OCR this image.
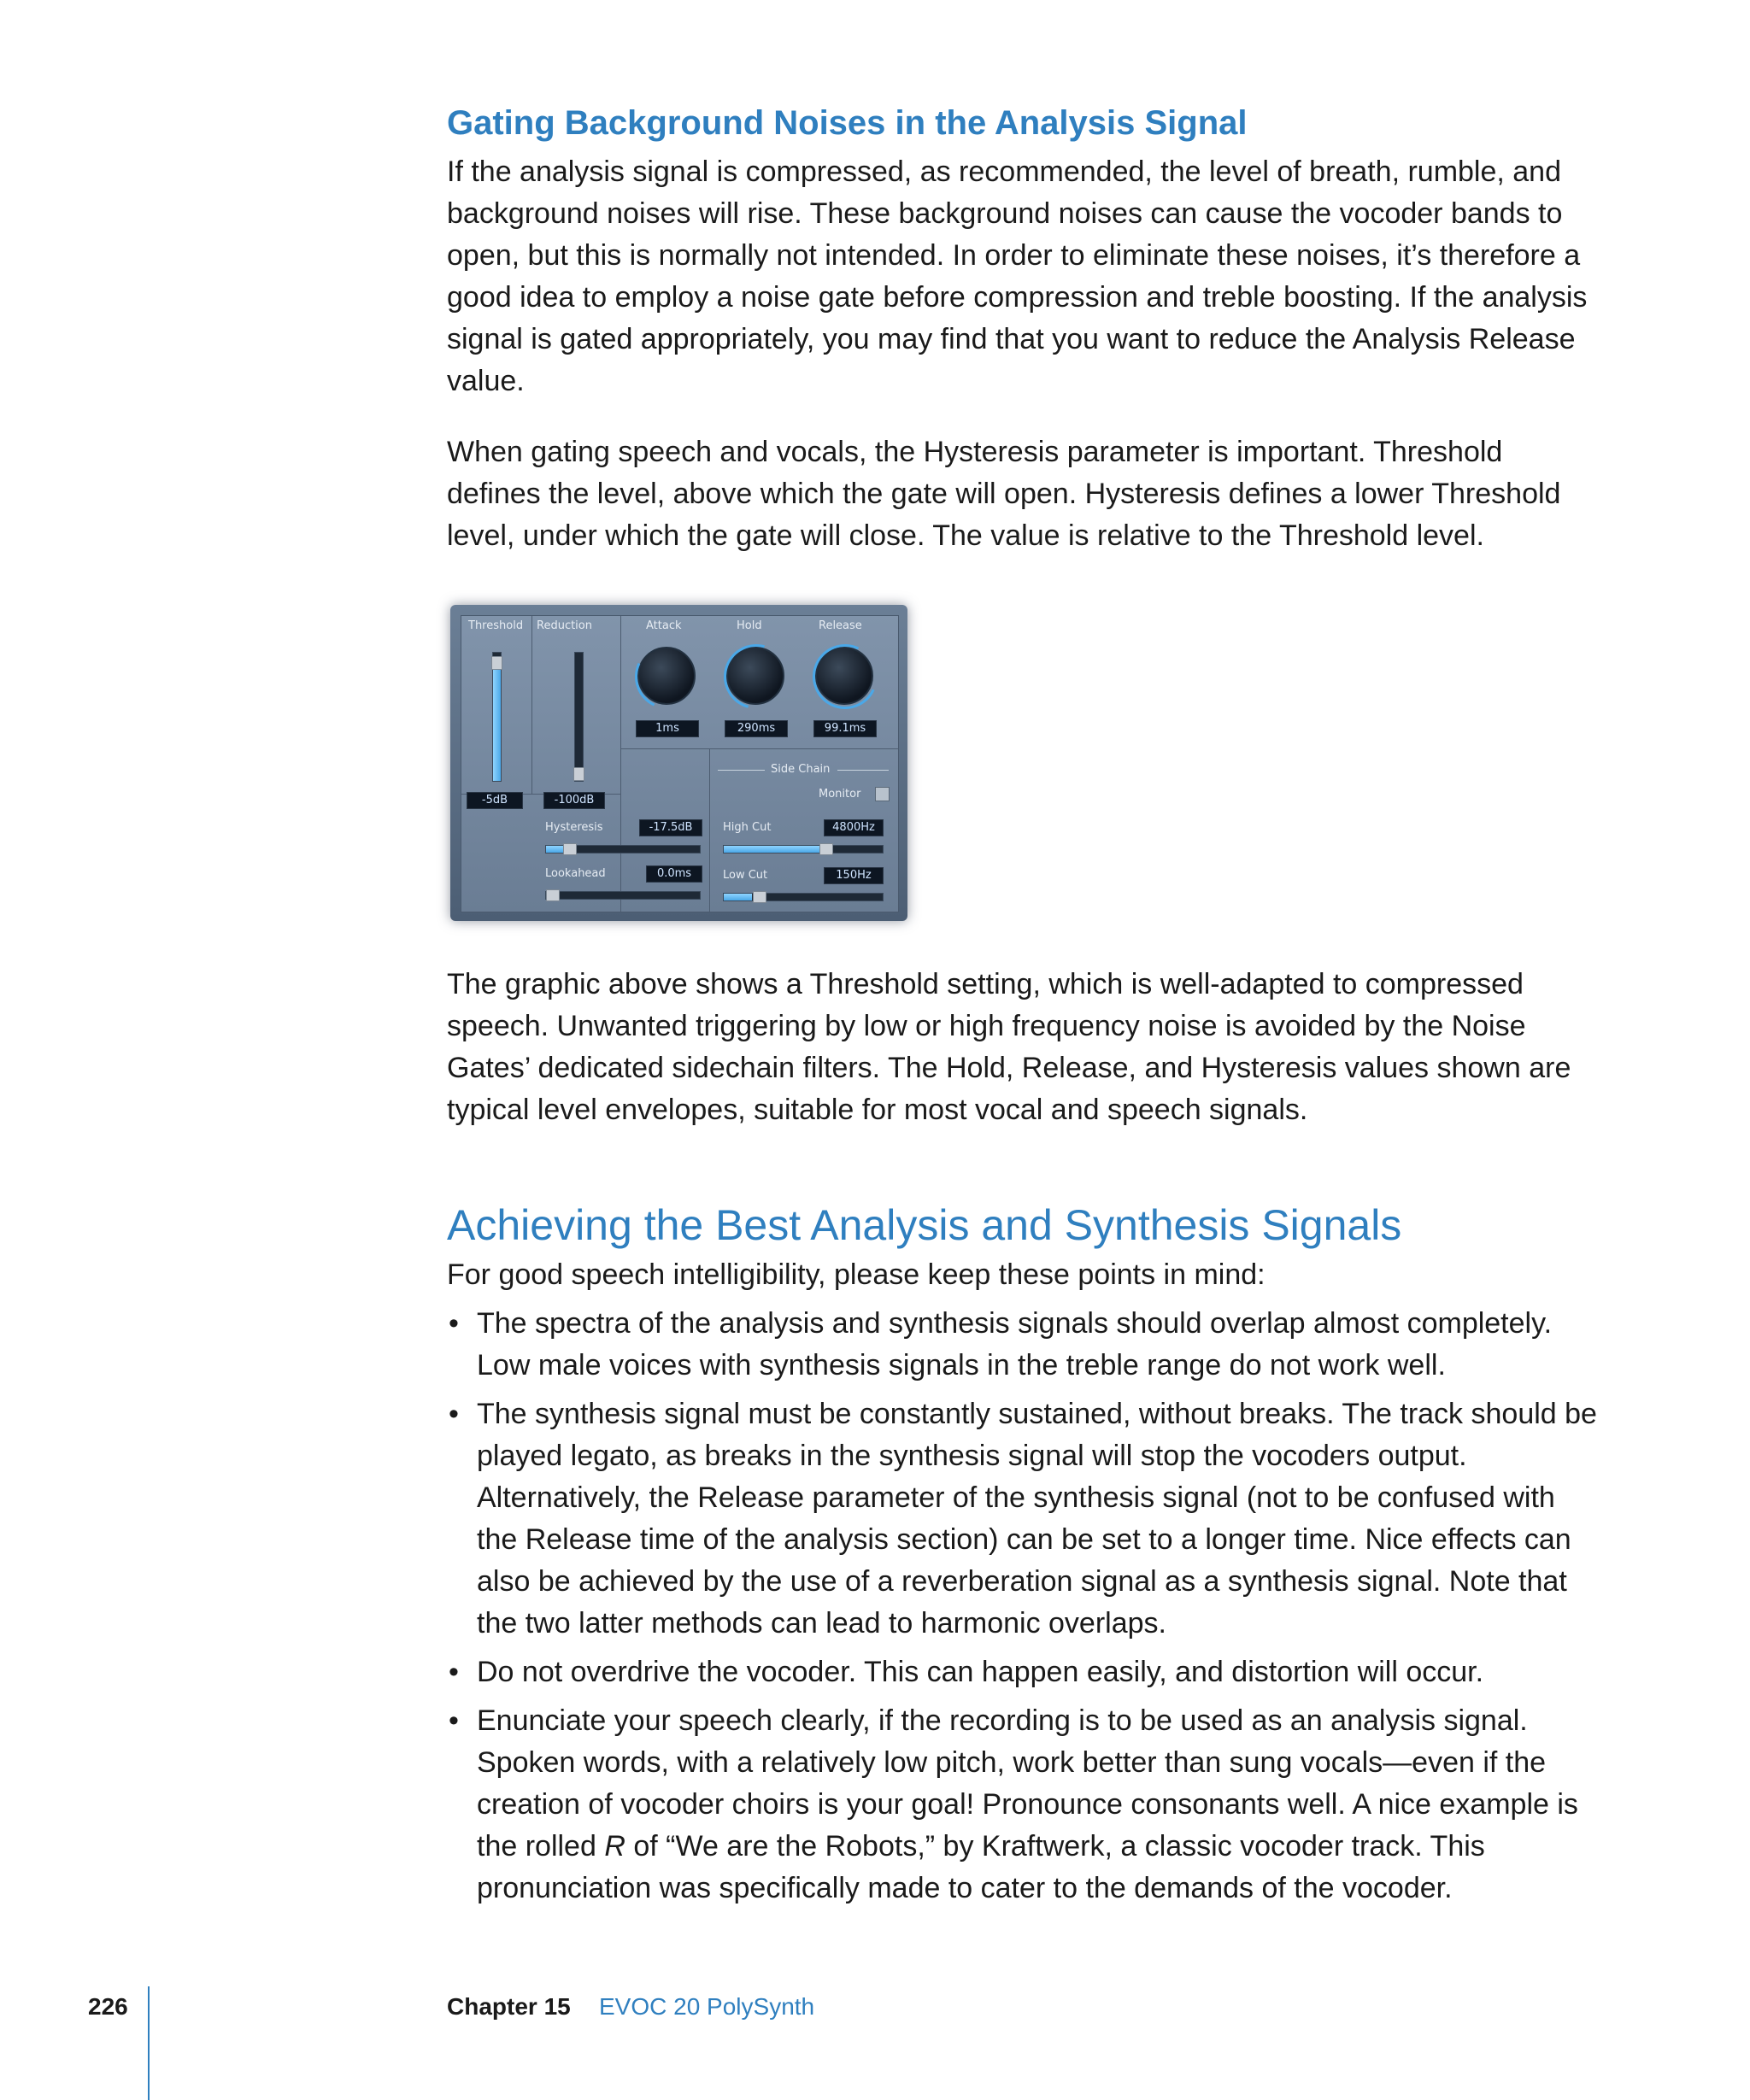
Gating Background Noises in the Analysis Signal

If the analysis signal is compressed, as recommended, the level of breath, rumble, and background noises will rise. These background noises can cause the vocoder bands to open, but this is normally not intended. In order to eliminate these noises, it’s therefore a good idea to employ a noise gate before compression and treble boosting. If the analysis signal is gated appropriately, you may find that you want to reduce the Analysis Release value.

When gating speech and vocals, the Hysteresis parameter is important. Threshold defines the level, above which the gate will open. Hysteresis defines a lower Threshold level, under which the gate will close. The value is relative to the Threshold level.

The graphic above shows a Threshold setting, which is well-adapted to compressed speech. Unwanted triggering by low or high frequency noise is avoided by the Noise Gates’ dedicated sidechain filters. The Hold, Release, and Hysteresis values shown are typical level envelopes, suitable for most vocal and speech signals.

Achieving the Best Analysis and Synthesis Signals

For good speech intelligibility, please keep these points in mind:

• The spectra of the analysis and synthesis signals should overlap almost completely. Low male voices with synthesis signals in the treble range do not work well.
• The synthesis signal must be constantly sustained, without breaks. The track should be played legato, as breaks in the synthesis signal will stop the vocoders output. Alternatively, the Release parameter of the synthesis signal (not to be confused with the Release time of the analysis section) can be set to a longer time. Nice effects can also be achieved by the use of a reverberation signal as a synthesis signal. Note that the two latter methods can lead to harmonic overlaps.
• Do not overdrive the vocoder. This can happen easily, and distortion will occur.
• Enunciate your speech clearly, if the recording is to be used as an analysis signal. Spoken words, with a relatively low pitch, work better than sung vocals—even if the creation of vocoder choirs is your goal! Pronounce consonants well. A nice example is the rolled R of “We are the Robots,” by Kraftwerk, a classic vocoder track. This pronunciation was specifically made to cater to the demands of the vocoder.
Threshold
-5dB
Reduction
-100dB
Attack
1ms
Hold
290ms
Release
99.1ms
Side Chain
Monitor
Hysteresis	-17.5dB
Lookahead	0.0ms
High Cut	4800Hz
Low Cut	150Hz
226	Chapter 15 EVOC 20 PolySynth
